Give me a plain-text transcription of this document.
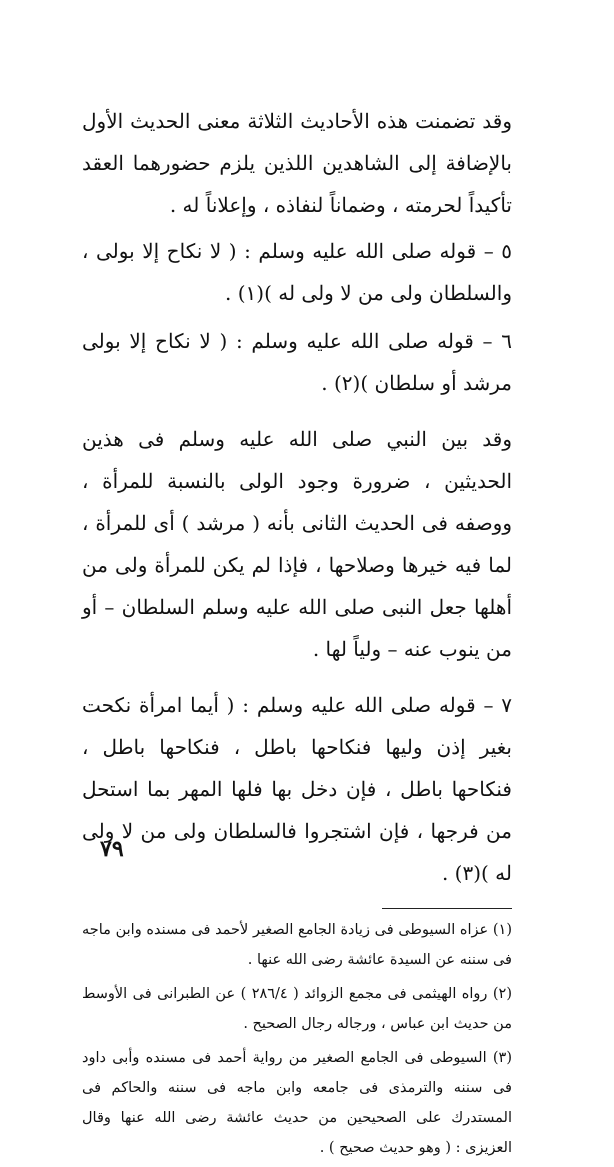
وقد تضمنت هذه الأحاديث الثلاثة معنى الحديث الأول بالإضافة إلى الشاهدين اللذين يلزم حضورهما العقد تأكيداً لحرمته ، وضماناً لنفاذه ، وإعلاناً له .

٥ – قوله صلى الله عليه وسلم : ( لا نكاح إلا بولى ، والسلطان ولى من لا ولى له )(١) .

٦ – قوله صلى الله عليه وسلم : ( لا نكاح إلا بولى مرشد أو سلطان )(٢) .

وقد بين النبي صلى الله عليه وسلم فى هذين الحديثين ، ضرورة وجود الولى بالنسبة للمرأة ، ووصفه فى الحديث الثانى بأنه ( مرشد ) أى للمرأة ، لما فيه خيرها وصلاحها ، فإذا لم يكن للمرأة ولى من أهلها جعل النبى صلى الله عليه وسلم السلطان – أو من ينوب عنه – ولياً لها .

٧ – قوله صلى الله عليه وسلم : ( أيما امرأة نكحت بغير إذن وليها فنكاحها باطل ، فنكاحها باطل ، فنكاحها باطل ، فإن دخل بها فلها المهر بما استحل من فرجها ، فإن اشتجروا فالسلطان ولى من لا ولى له )(٣) .

(١) عزاه السيوطى فى زيادة الجامع الصغير لأحمد فى مسنده وابن ماجه فى سننه عن السيدة عائشة رضى الله عنها .

(٢) رواه الهيثمى فى مجمع الزوائد ( ٢٨٦/٤ ) عن الطبرانى فى الأوسط من حديث ابن عباس ، ورجاله رجال الصحيح .

(٣) السيوطى فى الجامع الصغير من رواية أحمد فى مسنده وأبى داود فى سننه والترمذى فى جامعه وابن ماجه فى سننه والحاكم فى المستدرك على الصحيحين من حديث عائشة رضى الله عنها وقال العزيزى : ( وهو حديث صحيح ) .

٧٩
